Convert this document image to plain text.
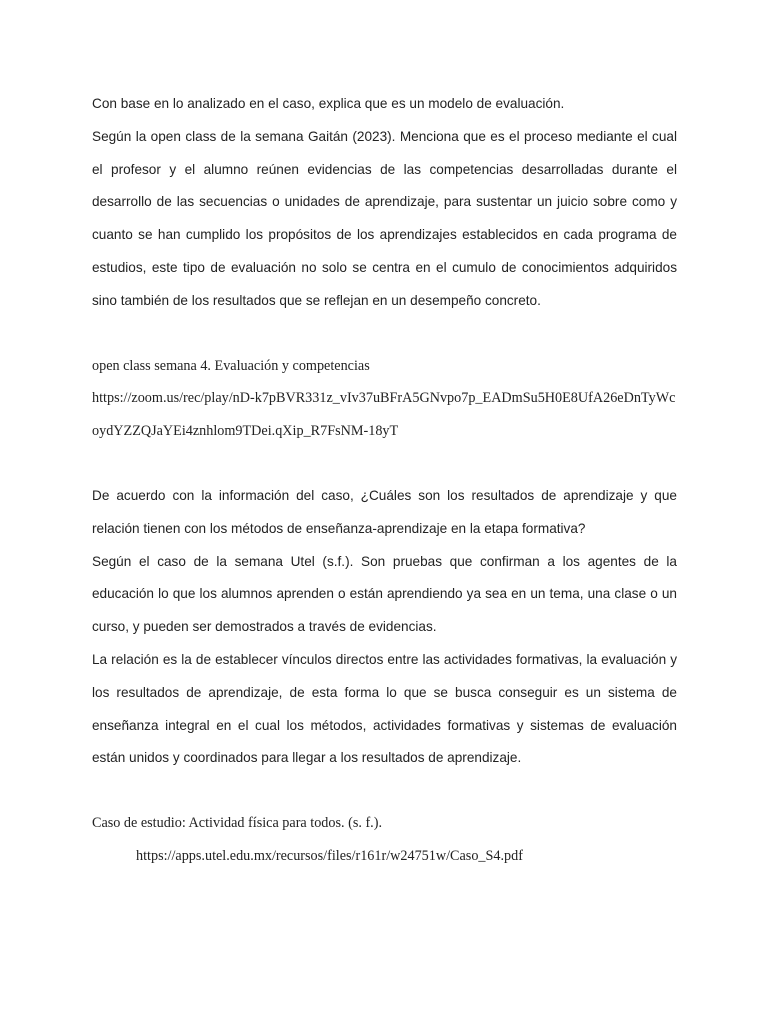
Con base en lo analizado en el caso, explica que es un modelo de evaluación.

Según la open class de la semana Gaitán (2023). Menciona que es el proceso mediante el cual el profesor y el alumno reúnen evidencias de las competencias desarrolladas durante el desarrollo de las secuencias o unidades de aprendizaje, para sustentar un juicio sobre como y cuanto se han cumplido los propósitos de los aprendizajes establecidos en cada programa de estudios, este tipo de evaluación no solo se centra en el cumulo de conocimientos adquiridos sino también de los resultados que se reflejan en un desempeño concreto.

open class semana 4. Evaluación y competencias

https://zoom.us/rec/play/nD-k7pBVR331z_vIv37uBFrA5GNvpo7p_EADmSu5H0E8UfA26eDnTyWcoydYZZQJaYEi4znhlom9TDei.qXip_R7FsNM-18yT

De acuerdo con la información del caso, ¿Cuáles son los resultados de aprendizaje y que relación tienen con los métodos de enseñanza-aprendizaje en la etapa formativa?

Según el caso de la semana Utel (s.f.). Son pruebas que confirman a los agentes de la educación lo que los alumnos aprenden o están aprendiendo ya sea en un tema, una clase o un curso, y pueden ser demostrados a través de evidencias.

La relación es la de establecer vínculos directos entre las actividades formativas, la evaluación y los resultados de aprendizaje, de esta forma lo que se busca conseguir es un sistema de enseñanza integral en el cual los métodos, actividades formativas y sistemas de evaluación están unidos y coordinados para llegar a los resultados de aprendizaje.

Caso de estudio: Actividad física para todos. (s. f.).

https://apps.utel.edu.mx/recursos/files/r161r/w24751w/Caso_S4.pdf
